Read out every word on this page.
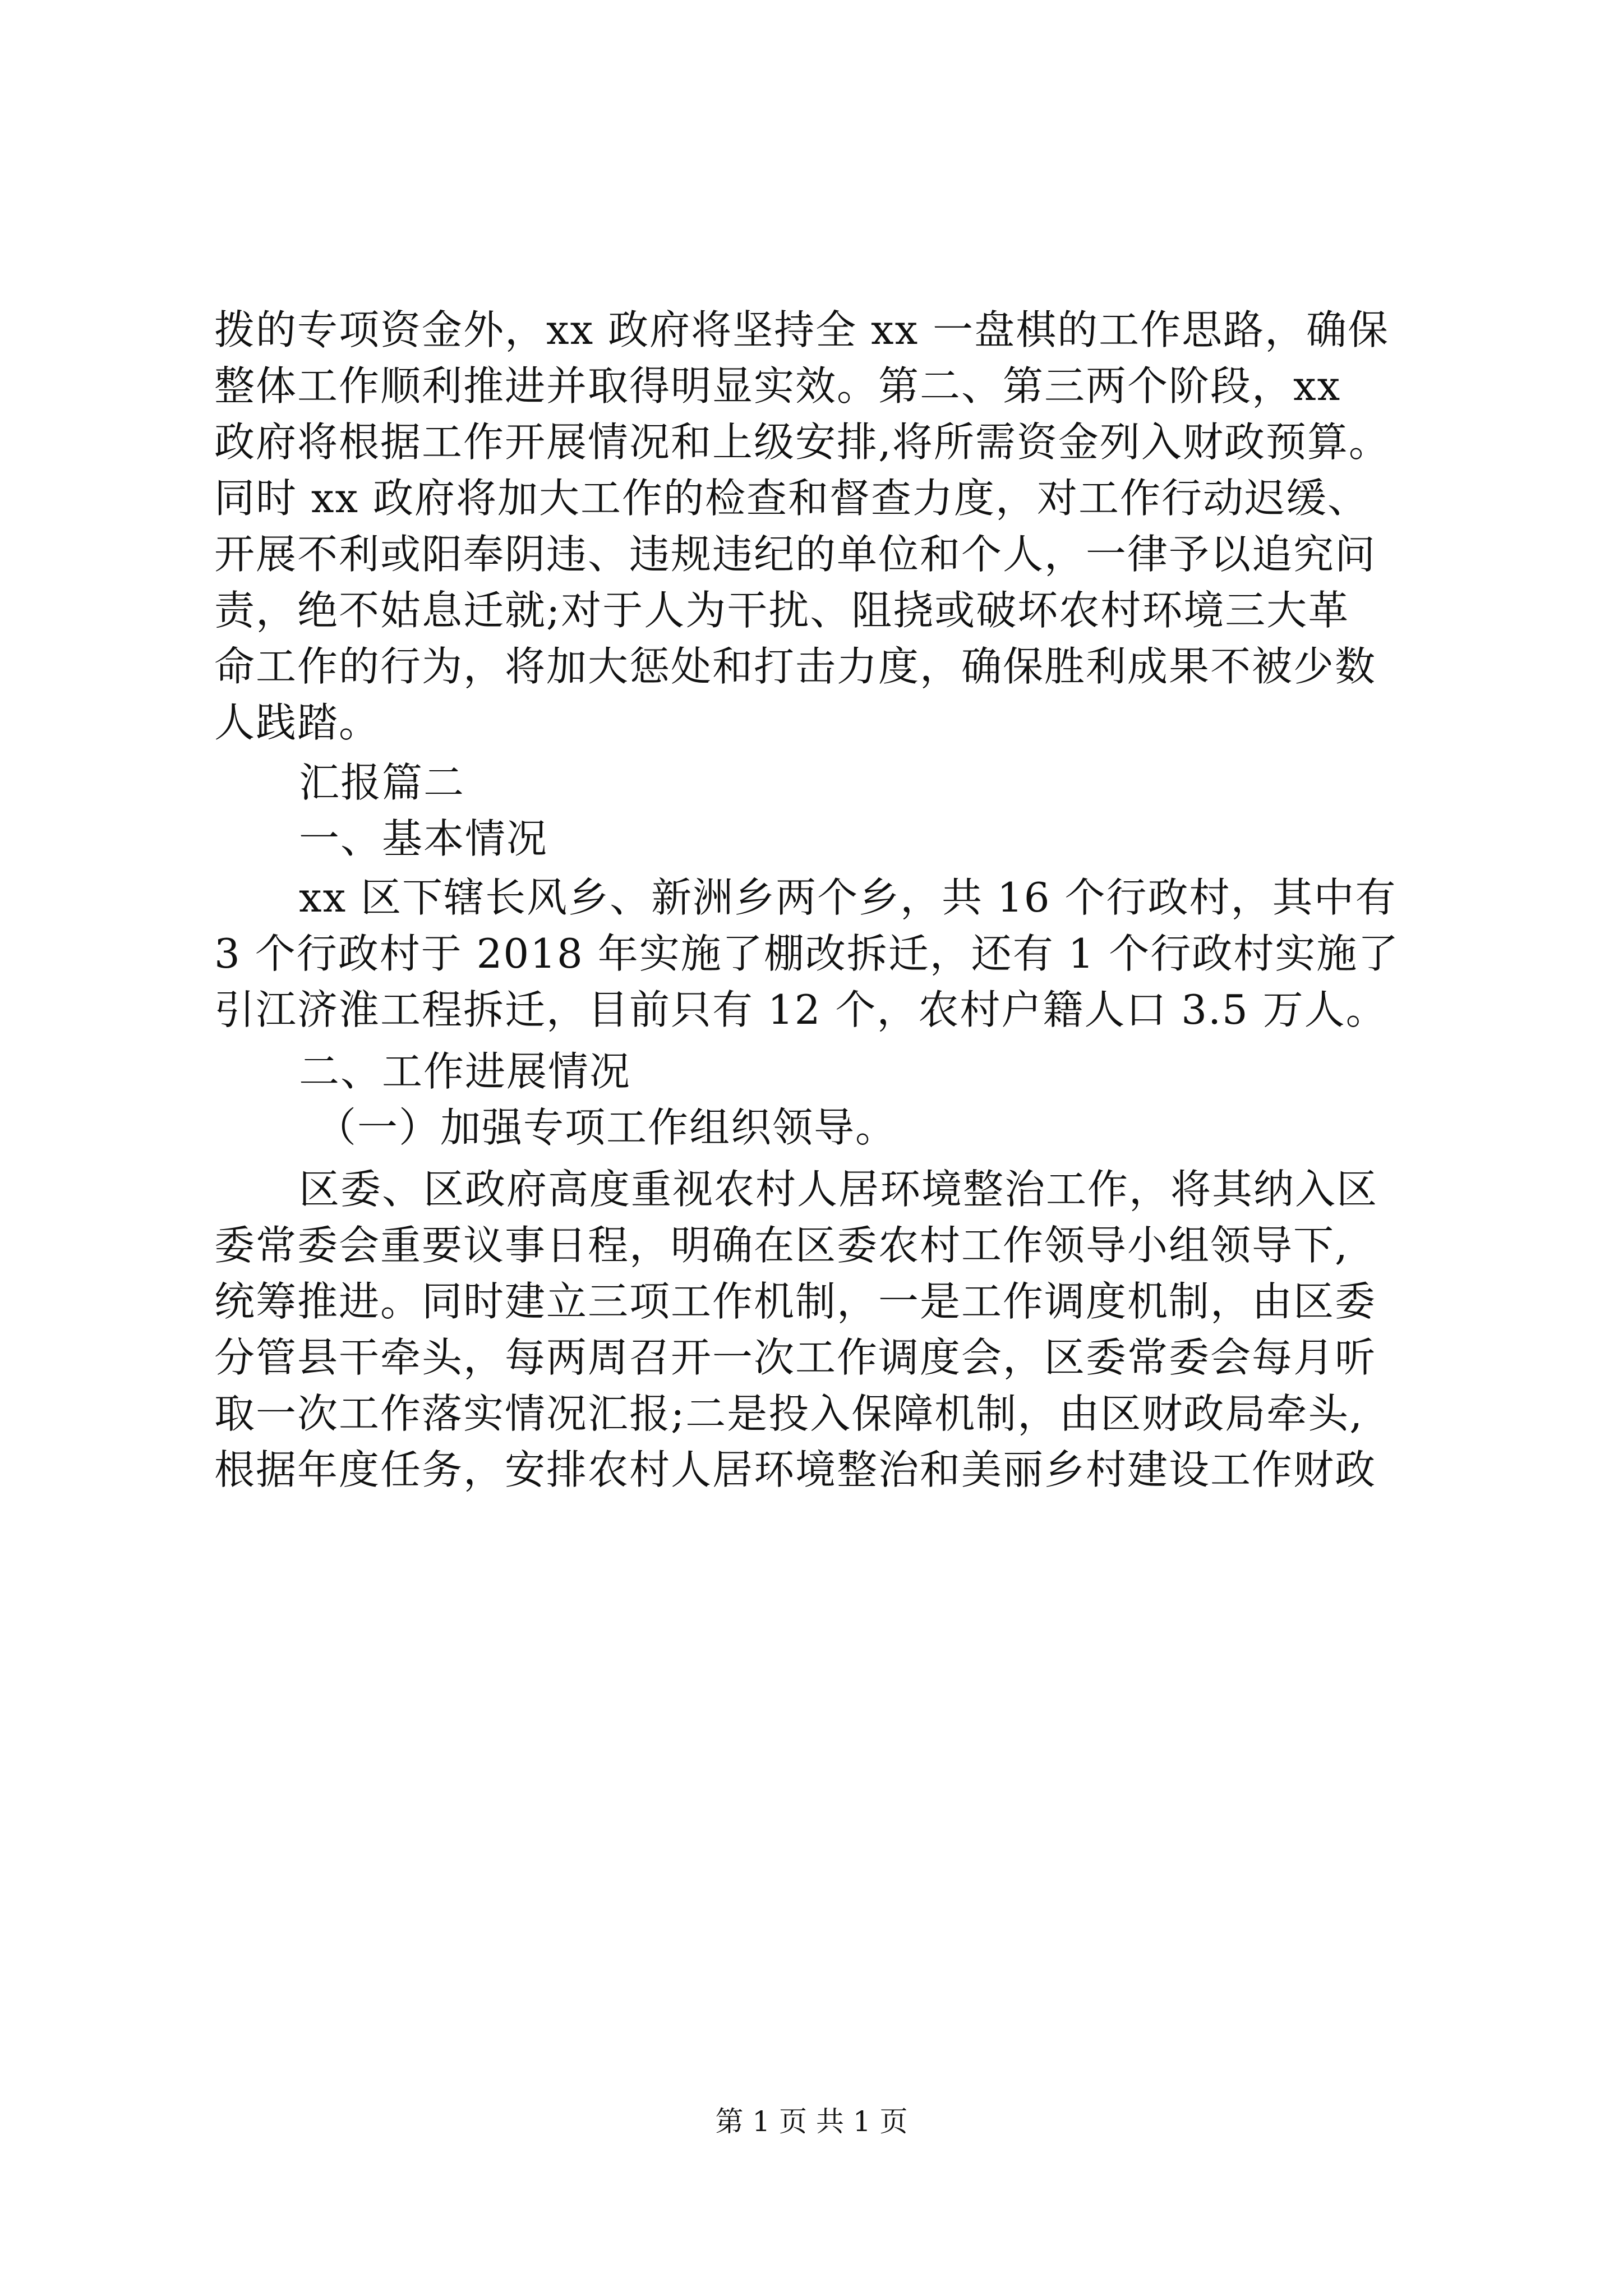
拨的专项资金外，xx 政府将坚持全 xx 一盘棋的工作思路，确保
整体工作顺利推进并取得明显实效。第二、第三两个阶段，xx
政府将根据工作开展情况和上级安排,将所需资金列入财政预算。
同时 xx 政府将加大工作的检查和督查力度，对工作行动迟缓、
开展不利或阳奉阴违、违规违纪的单位和个人，一律予以追究问
责，绝不姑息迁就;对于人为干扰、阻挠或破坏农村环境三大革
命工作的行为，将加大惩处和打击力度，确保胜利成果不被少数
人践踏。
汇报篇二
一、基本情况
xx 区下辖长风乡、新洲乡两个乡，共 16 个行政村，其中有
3 个行政村于 2018 年实施了棚改拆迁，还有 1 个行政村实施了
引江济淮工程拆迁，目前只有 12 个，农村户籍人口 3.5 万人。
二、工作进展情况
（一）加强专项工作组织领导。
区委、区政府高度重视农村人居环境整治工作，将其纳入区
委常委会重要议事日程，明确在区委农村工作领导小组领导下,
统筹推进。同时建立三项工作机制，一是工作调度机制，由区委
分管县干牵头，每两周召开一次工作调度会，区委常委会每月听
取一次工作落实情况汇报;二是投入保障机制，由区财政局牵头,
根据年度任务，安排农村人居环境整治和美丽乡村建设工作财政
第 1 页 共 1 页
